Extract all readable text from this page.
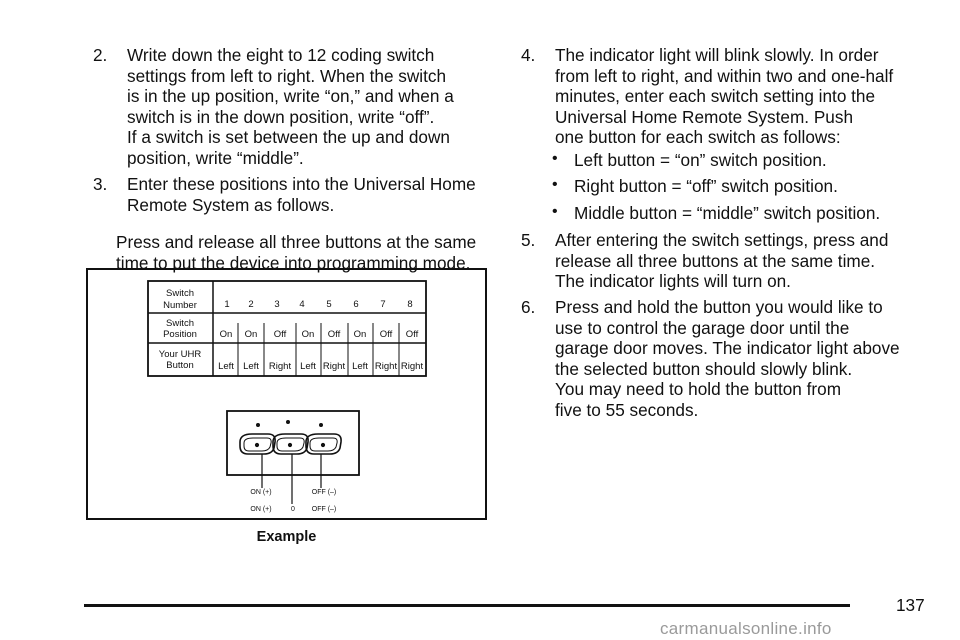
2. Write down the eight to 12 coding switch

settings from left to right. When the switch

is in the up position, write “on,” and when a

switch is in the down position, write “off”.

If a switch is set between the up and down

position, write “middle”.

3. Enter these positions into the Universal Home

Remote System as follows.

Press and release all three buttons at the same

time to put the device into programming mode.

Switch
Number
Switch
Position
Your UHR
Button
1 2 3 4 5 6 7 8
On On Off On Off On Off Off
Left Left Right Left Right Left Right Right
ON (+)	OFF (–)
ON (+)	0 OFF (–)
Example
4. The indicator light will blink slowly. In order

from left to right, and within two and one-half

minutes, enter each switch setting into the

Universal Home Remote System. Push

one button for each switch as follows:

• Left button = “on” switch position.
• Right button = “off” switch position.
• Middle button = “middle” switch position.
5. After entering the switch settings, press and

release all three buttons at the same time.

The indicator lights will turn on.

6. Press and hold the button you would like to

use to control the garage door until the

garage door moves. The indicator light above

the selected button should slowly blink.

You may need to hold the button from

five to 55 seconds.

137
carmanualsonline.info
